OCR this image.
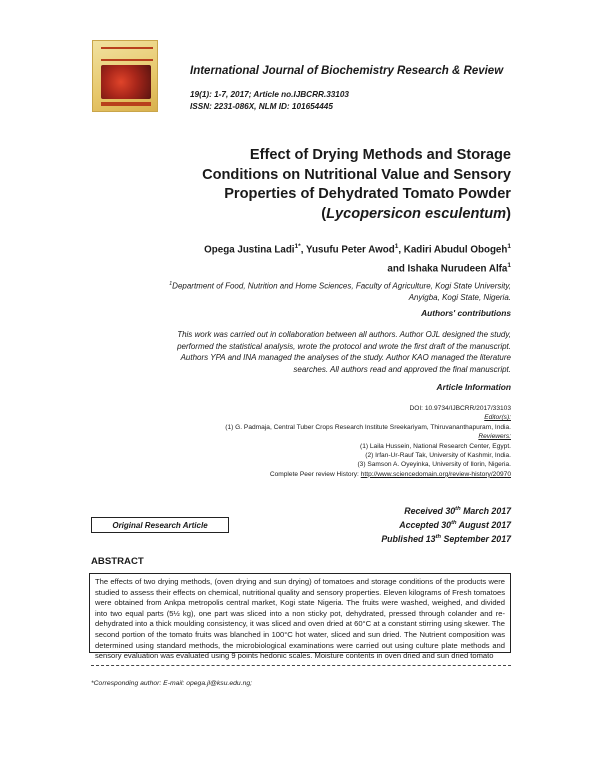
International Journal of Biochemistry Research & Review
19(1): 1-7, 2017; Article no.IJBCRR.33103
ISSN: 2231-086X, NLM ID: 101654445
Effect of Drying Methods and Storage
Conditions on Nutritional Value and Sensory
Properties of Dehydrated Tomato Powder
(Lycopersicon esculentum)
Opega Justina Ladi$^{1*}$, Yusufu Peter Awod$^1$, Kadiri Abudul Obogeh$^1$
and Ishaka Nurudeen Alfa$^1$
$^1$Department of Food, Nutrition and Home Sciences, Faculty of Agriculture, Kogi State University,
Anyigba, Kogi State, Nigeria.
Authors' contributions
This work was carried out in collaboration between all authors. Author OJL designed the study,
performed the statistical analysis, wrote the protocol and wrote the first draft of the manuscript.
Authors YPA and INA managed the analyses of the study. Author KAO managed the literature
searches. All authors read and approved the final manuscript.
Article Information
DOI: 10.9734/IJBCRR/2017/33103
Editor(s):
(1) G. Padmaja, Central Tuber Crops Research Institute Sreekariyam, Thiruvananthapuram, India.
Reviewers:
(1) Laila Hussein, National Research Center, Egypt.
(2) Irfan-Ur-Rauf Tak, University of Kashmir, India.
(3) Samson A. Oyeyinka, University of Ilorin, Nigeria.
Complete Peer review History: http://www.sciencedomain.org/review-history/20970
Received 30th March 2017
Accepted 30th August 2017
Published 13th September 2017
Original Research Article
ABSTRACT
The effects of two drying methods, (oven drying and sun drying) of tomatoes and storage conditions of the products were studied to assess their effects on chemical, nutritional quality and sensory properties. Eleven kilograms of Fresh tomatoes were obtained from Ankpa metropolis central market, Kogi state Nigeria. The fruits were washed, weighed, and divided into two equal parts (5½ kg), one part was sliced into a non sticky pot, dehydrated, pressed through colander and re-dehydrated into a thick moulding consistency, it was sliced and oven dried at 60°C at a constant stirring using skewer. The second portion of the tomato fruits was blanched in 100°C hot water, sliced and sun dried. The Nutrient composition was determined using standard methods, the microbiological examinations were carried out using culture plate methods and sensory evaluation was evaluated using 9 points hedonic scales. Moisture contents in oven dried and sun dried tomato
*Corresponding author: E-mail: opega.jl@ksu.edu.ng;
